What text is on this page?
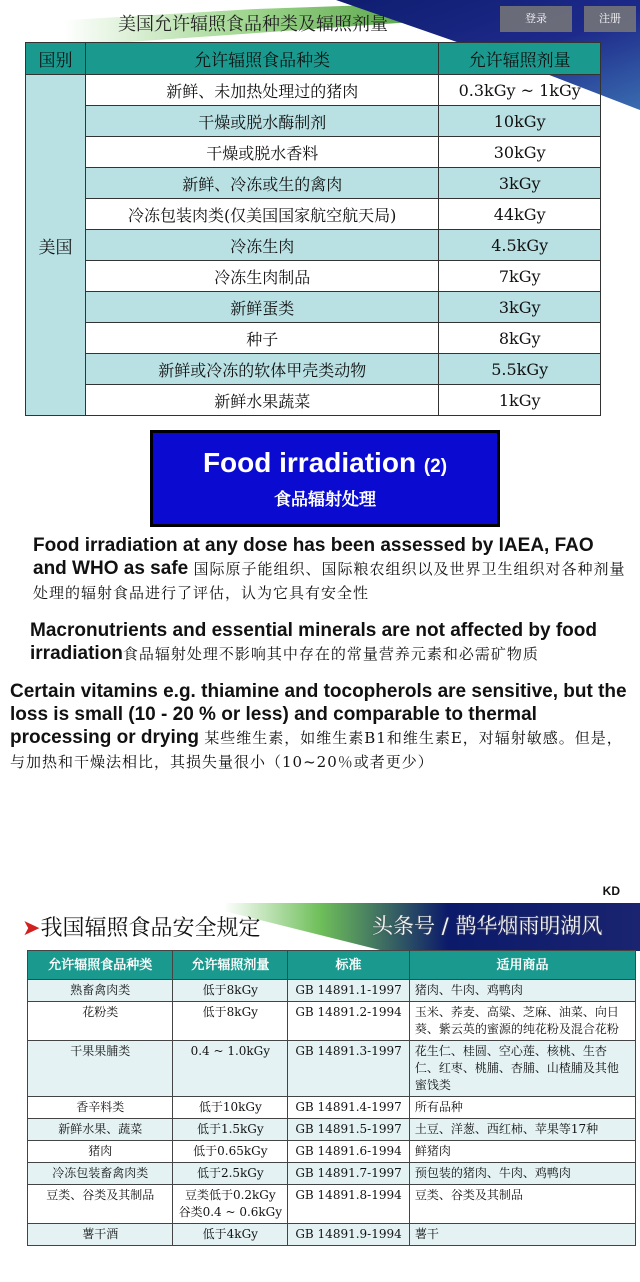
美国允许辐照食品种类及辐照剂量
国别	允许辐照食品种类	允许辐照剂量
美国	新鲜、未加热处理过的猪肉	0.3kGy ~ 1kGy
	干燥或脱水酶制剂	10kGy
	干燥或脱水香料	30kGy
	新鲜、冷冻或生的禽肉	3kGy
	冷冻包装肉类(仅美国国家航空航天局)	44kGy
	冷冻生肉	4.5kGy
	冷冻生肉制品	7kGy
	新鲜蛋类	3kGy
	种子	8kGy
	新鲜或冷冻的软体甲壳类动物	5.5kGy
	新鲜水果蔬菜	1kGy
登录	注册
Food irradiation (2)
食品辐射处理
Food irradiation at any dose has been assessed by IAEA, FAO and WHO as safe 国际原子能组织、国际粮农组织以及世界卫生组织对各种剂量处理的辐射食品进行了评估，认为它具有安全性
Macronutrients and essential minerals are not affected by food irradiation食品辐射处理不影响其中存在的常量营养元素和必需矿物质
Certain vitamins e.g. thiamine and tocopherols are sensitive, but the loss is small (10 - 20 % or less) and comparable to thermal processing or drying 某些维生素，如维生素B1和维生素E，对辐射敏感。但是，与加热和干燥法相比，其损失量很小（10~20％或者更少）
KD
➤我国辐照食品安全规定
允许辐照食品种类	允许辐照剂量	标准	适用商品
熟畜禽肉类	低于8kGy	GB 14891.1-1997	猪肉、牛肉、鸡鸭肉
花粉类	低于8kGy	GB 14891.2-1994	玉米、荞麦、高粱、芝麻、油菜、向日葵、紫云英的蜜源的纯花粉及混合花粉
干果果脯类	0.4 ~ 1.0kGy	GB 14891.3-1997	花生仁、桂圆、空心莲、核桃、生杏仁、红枣、桃脯、杏脯、山楂脯及其他蜜饯类
香辛料类	低于10kGy	GB 14891.4-1997	所有品种
新鲜水果、蔬菜	低于1.5kGy	GB 14891.5-1997	土豆、洋葱、西红柿、苹果等17种
猪肉	低于0.65kGy	GB 14891.6-1994	鲜猪肉
冷冻包装畜禽肉类	低于2.5kGy	GB 14891.7-1997	预包装的猪肉、牛肉、鸡鸭肉
豆类、谷类及其制品	豆类低于0.2kGy 谷类0.4 ~ 0.6kGy	GB 14891.8-1994	豆类、谷类及其制品
薯干酒	低于4kGy	GB 14891.9-1994	薯干
头条号 / 鹊华烟雨明湖风
